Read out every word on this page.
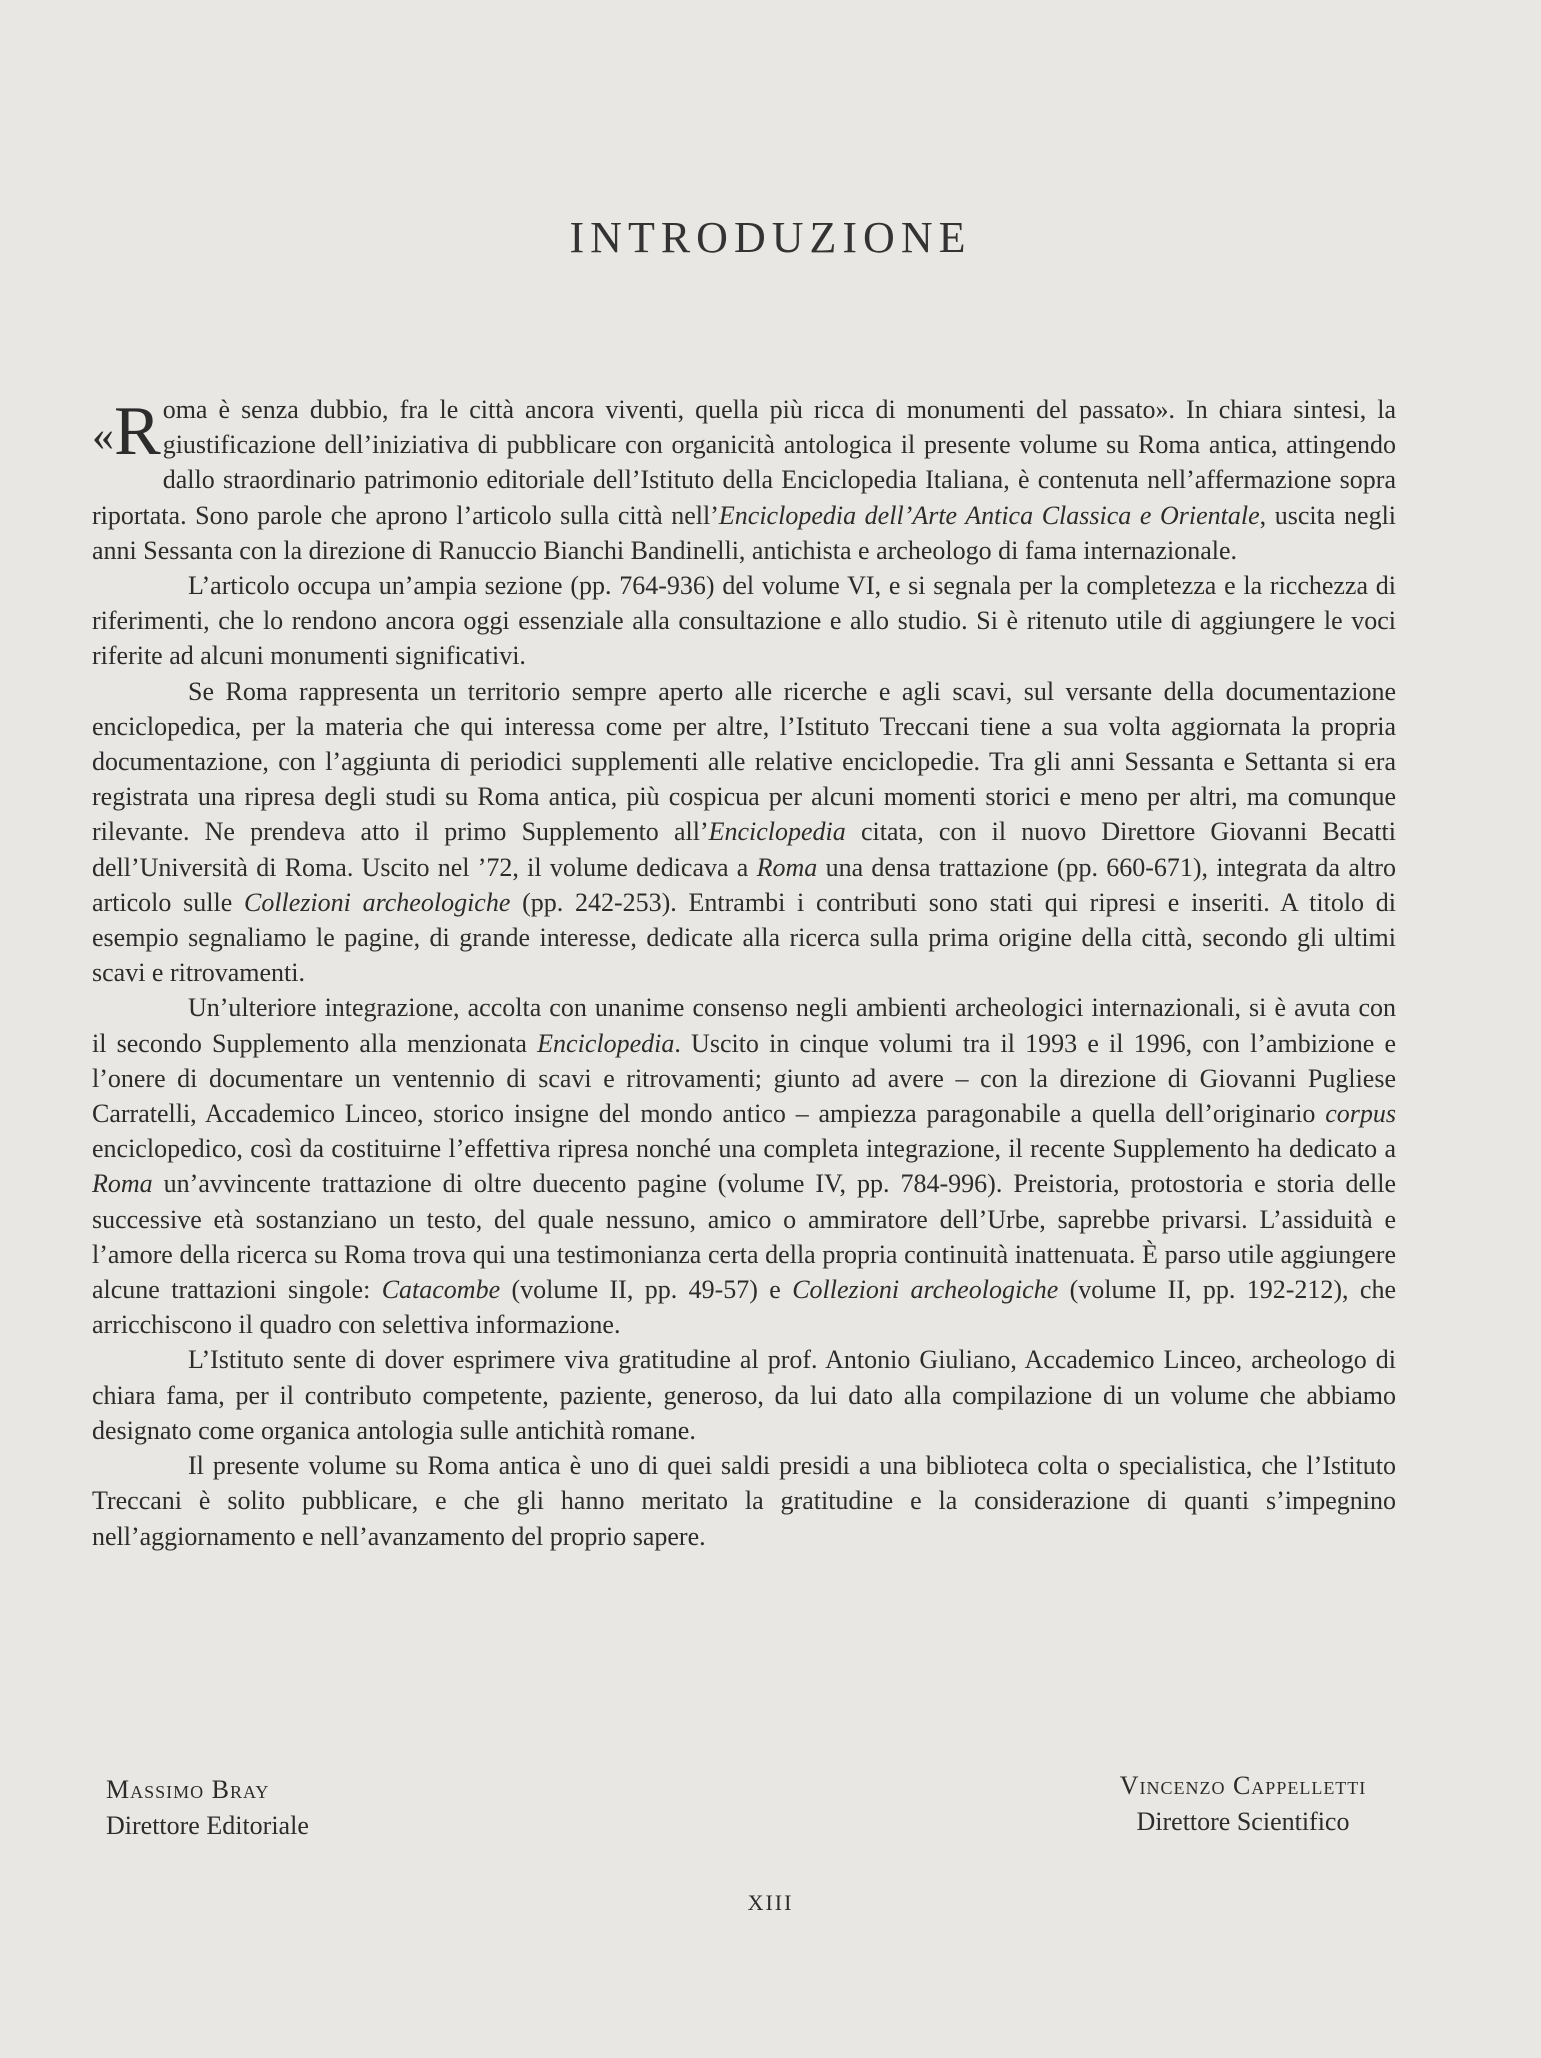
INTRODUZIONE

«R oma è senza dubbio, fra le città ancora viventi, quella più ricca di monumenti del passato». In chiara sintesi, la giustificazione dell’iniziativa di pubblicare con organicità antologica il presente volume su Roma antica, attingendo dallo straordinario patrimonio editoriale dell’Istituto della Enciclopedia Italiana, è contenuta nell’affermazione sopra riportata. Sono parole che aprono l’articolo sulla città nell’Enciclopedia dell’Arte Antica Classica e Orientale, uscita negli anni Sessanta con la direzione di Ranuccio Bianchi Bandinelli, antichista e archeologo di fama internazionale.

L’articolo occupa un’ampia sezione (pp. 764-936) del volume VI, e si segnala per la completezza e la ricchezza di riferimenti, che lo rendono ancora oggi essenziale alla consultazione e allo studio. Si è ritenuto utile di aggiungere le voci riferite ad alcuni monumenti significativi.

Se Roma rappresenta un territorio sempre aperto alle ricerche e agli scavi, sul versante della documentazione enciclopedica, per la materia che qui interessa come per altre, l’Istituto Treccani tiene a sua volta aggiornata la propria documentazione, con l’aggiunta di periodici supplementi alle relative enciclopedie. Tra gli anni Sessanta e Settanta si era registrata una ripresa degli studi su Roma antica, più cospicua per alcuni momenti storici e meno per altri, ma comunque rilevante. Ne prendeva atto il primo Supplemento all’Enciclopedia citata, con il nuovo Direttore Giovanni Becatti dell’Università di Roma. Uscito nel ’72, il volume dedicava a Roma una densa trattazione (pp. 660-671), integrata da altro articolo sulle Collezioni archeologiche (pp. 242-253). Entrambi i contributi sono stati qui ripresi e inseriti. A titolo di esempio segnaliamo le pagine, di grande interesse, dedicate alla ricerca sulla prima origine della città, secondo gli ultimi scavi e ritrovamenti.

Un’ulteriore integrazione, accolta con unanime consenso negli ambienti archeologici internazionali, si è avuta con il secondo Supplemento alla menzionata Enciclopedia. Uscito in cinque volumi tra il 1993 e il 1996, con l’ambizione e l’onere di documentare un ventennio di scavi e ritrovamenti; giunto ad avere – con la direzione di Giovanni Pugliese Carratelli, Accademico Linceo, storico insigne del mondo antico – ampiezza paragonabile a quella dell’originario corpus enciclopedico, così da costituirne l’effettiva ripresa nonché una completa integrazione, il recente Supplemento ha dedicato a Roma un’avvincente trattazione di oltre duecento pagine (volume IV, pp. 784-996). Preistoria, protostoria e storia delle successive età sostanziano un testo, del quale nessuno, amico o ammiratore dell’Urbe, saprebbe privarsi. L’assiduità e l’amore della ricerca su Roma trova qui una testimonianza certa della propria continuità inattenuata. È parso utile aggiungere alcune trattazioni singole: Catacombe (volume II, pp. 49-57) e Collezioni archeologiche (volume II, pp. 192-212), che arricchiscono il quadro con selettiva informazione.

L’Istituto sente di dover esprimere viva gratitudine al prof. Antonio Giuliano, Accademico Linceo, archeologo di chiara fama, per il contributo competente, paziente, generoso, da lui dato alla compilazione di un volume che abbiamo designato come organica antologia sulle antichità romane.

Il presente volume su Roma antica è uno di quei saldi presidi a una biblioteca colta o specialistica, che l’Istituto Treccani è solito pubblicare, e che gli hanno meritato la gratitudine e la considerazione di quanti s’impegnino nell’aggiornamento e nell’avanzamento del proprio sapere.

Massimo Bray
Direttore Editoriale
Vincenzo Cappelletti
Direttore Scientifico
XIII
